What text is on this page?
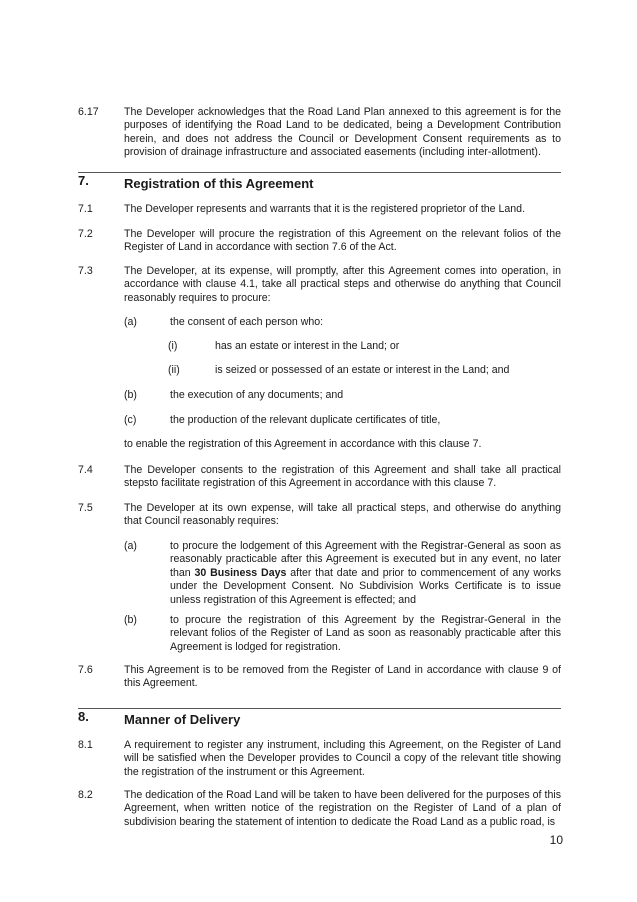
6.17 The Developer acknowledges that the Road Land Plan annexed to this agreement is for the purposes of identifying the Road Land to be dedicated, being a Development Contribution herein, and does not address the Council or Development Consent requirements as to provision of drainage infrastructure and associated easements (including inter-allotment).
7.	Registration of this Agreement
7.1	The Developer represents and warrants that it is the registered proprietor of the Land.
7.2	The Developer will procure the registration of this Agreement on the relevant folios of the Register of Land in accordance with section 7.6 of the Act.
7.3	The Developer, at its expense, will promptly, after this Agreement comes into operation, in accordance with clause 4.1, take all practical steps and otherwise do anything that Council reasonably requires to procure:
(a)	the consent of each person who:
(i)	has an estate or interest in the Land; or
(ii)	is seized or possessed of an estate or interest in the Land; and
(b)	the execution of any documents; and
(c)	the production of the relevant duplicate certificates of title,
to enable the registration of this Agreement in accordance with this clause 7.
7.4	The Developer consents to the registration of this Agreement and shall take all practical stepsto facilitate registration of this Agreement in accordance with this clause 7.
7.5	The Developer at its own expense, will take all practical steps, and otherwise do anything that Council reasonably requires:
(a)	to procure the lodgement of this Agreement with the Registrar-General as soon as reasonably practicable after this Agreement is executed but in any event, no later than 30 Business Days after that date and prior to commencement of any works under the Development Consent. No Subdivision Works Certificate is to issue unless registration of this Agreement is effected; and
(b)	to procure the registration of this Agreement by the Registrar-General in the relevant folios of the Register of Land as soon as reasonably practicable after this Agreement is lodged for registration.
7.6	This Agreement is to be removed from the Register of Land in accordance with clause 9 of this Agreement.
8.	Manner of Delivery
8.1	A requirement to register any instrument, including this Agreement, on the Register of Land will be satisfied when the Developer provides to Council a copy of the relevant title showing the registration of the instrument or this Agreement.
8.2	The dedication of the Road Land will be taken to have been delivered for the purposes of this Agreement, when written notice of the registration on the Register of Land of a plan of subdivision bearing the statement of intention to dedicate the Road Land as a public road, is
10
